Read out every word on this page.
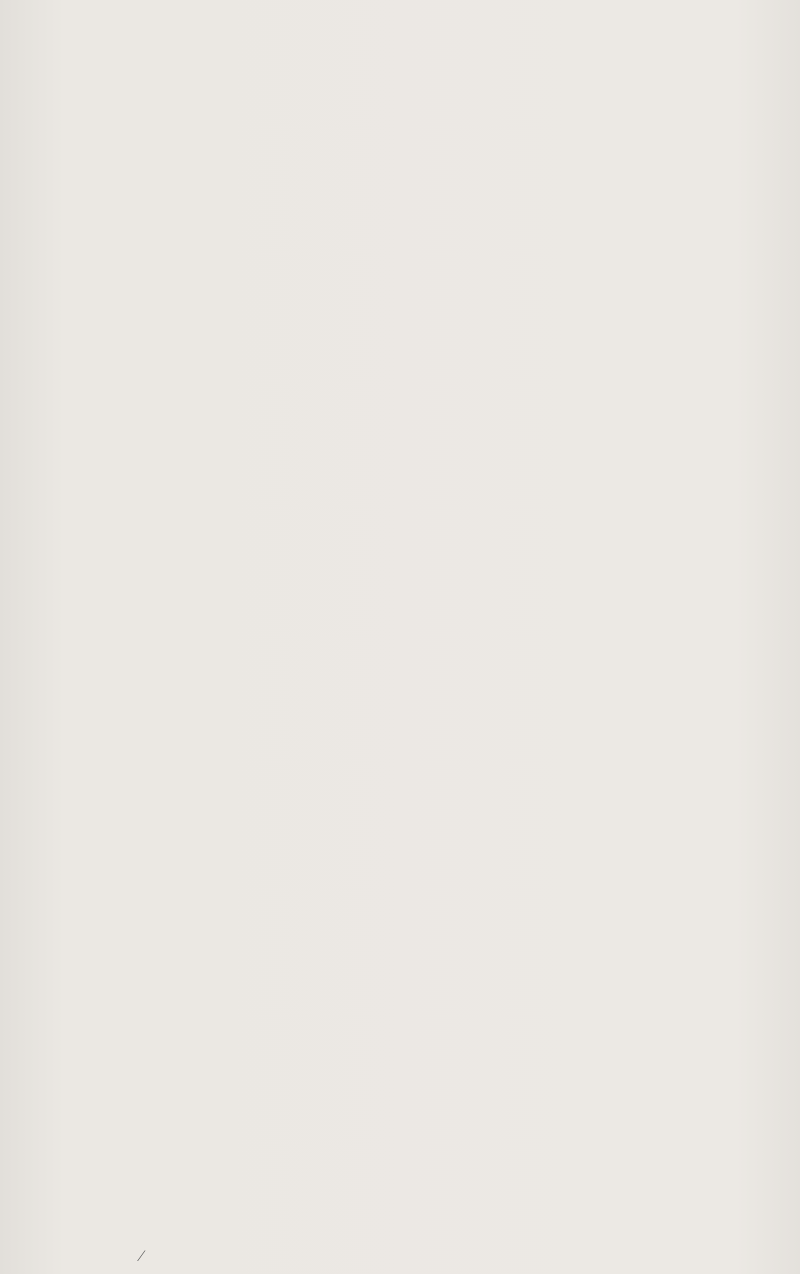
⁄
